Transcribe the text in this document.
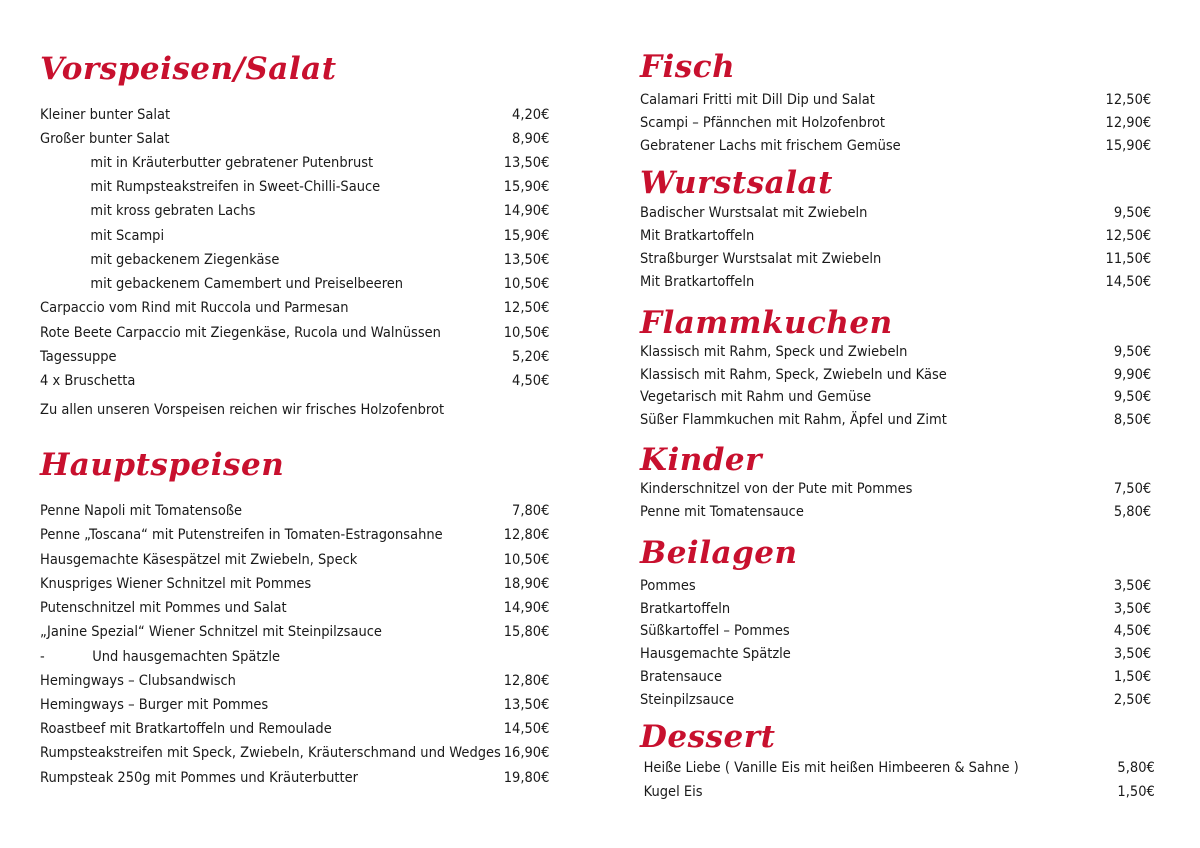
Vorspeisen/Salat
Kleiner bunter Salat	4,20€
Großer bunter Salat	8,90€
mit in Kräuterbutter gebratener Putenbrust	13,50€
mit Rumpsteakstreifen in Sweet-Chilli-Sauce	15,90€
mit kross gebraten Lachs	14,90€
mit Scampi	15,90€
mit gebackenem Ziegenkäse	13,50€
mit gebackenem Camembert und Preiselbeeren	10,50€
Carpaccio vom Rind mit Ruccola und Parmesan	12,50€
Rote Beete Carpaccio mit Ziegenkäse, Rucola und Walnüssen	10,50€
Tagessuppe	5,20€
4 x Bruschetta	4,50€
Zu allen unseren Vorspeisen reichen wir frisches Holzofenbrot
Hauptspeisen
Penne Napoli mit Tomatensoße	7,80€
Penne „Toscana“ mit Putenstreifen in Tomaten-Estragonsahne	12,80€
Hausgemachte Käsespätzel mit Zwiebeln, Speck	10,50€
Knuspriges Wiener Schnitzel mit Pommes	18,90€
Putenschnitzel mit Pommes und Salat	14,90€
„Janine Spezial“ Wiener Schnitzel mit Steinpilzsauce	15,80€
-	Und hausgemachten Spätzle
Hemingways – Clubsandwisch	12,80€
Hemingways – Burger mit Pommes	13,50€
Roastbeef mit Bratkartoffeln und Remoulade	14,50€
Rumpsteakstreifen mit Speck, Zwiebeln, Kräuterschmand und Wedges 16,90€
Rumpsteak 250g mit Pommes und Kräuterbutter	19,80€
Fisch
Calamari Fritti mit Dill Dip und Salat	12,50€
Scampi – Pfännchen mit Holzofenbrot	12,90€
Gebratener Lachs mit frischem Gemüse	15,90€
Wurstsalat
Badischer Wurstsalat mit Zwiebeln	9,50€
Mit Bratkartoffeln	12,50€
Straßburger Wurstsalat mit Zwiebeln	11,50€
Mit Bratkartoffeln	14,50€
Flammkuchen
Klassisch mit Rahm, Speck und Zwiebeln	9,50€
Klassisch mit Rahm, Speck, Zwiebeln und Käse	9,90€
Vegetarisch mit Rahm und Gemüse	9,50€
Süßer Flammkuchen mit Rahm, Äpfel und Zimt	8,50€
Kinder
Kinderschnitzel von der Pute mit Pommes	7,50€
Penne mit Tomatensauce	5,80€
Beilagen
Pommes	3,50€
Bratkartoffeln	3,50€
Süßkartoffel – Pommes	4,50€
Hausgemachte Spätzle	3,50€
Bratensauce	1,50€
Steinpilzsauce	2,50€
Dessert
Heiße Liebe ( Vanille Eis mit heißen Himbeeren & Sahne )	5,80€
Kugel Eis	1,50€
